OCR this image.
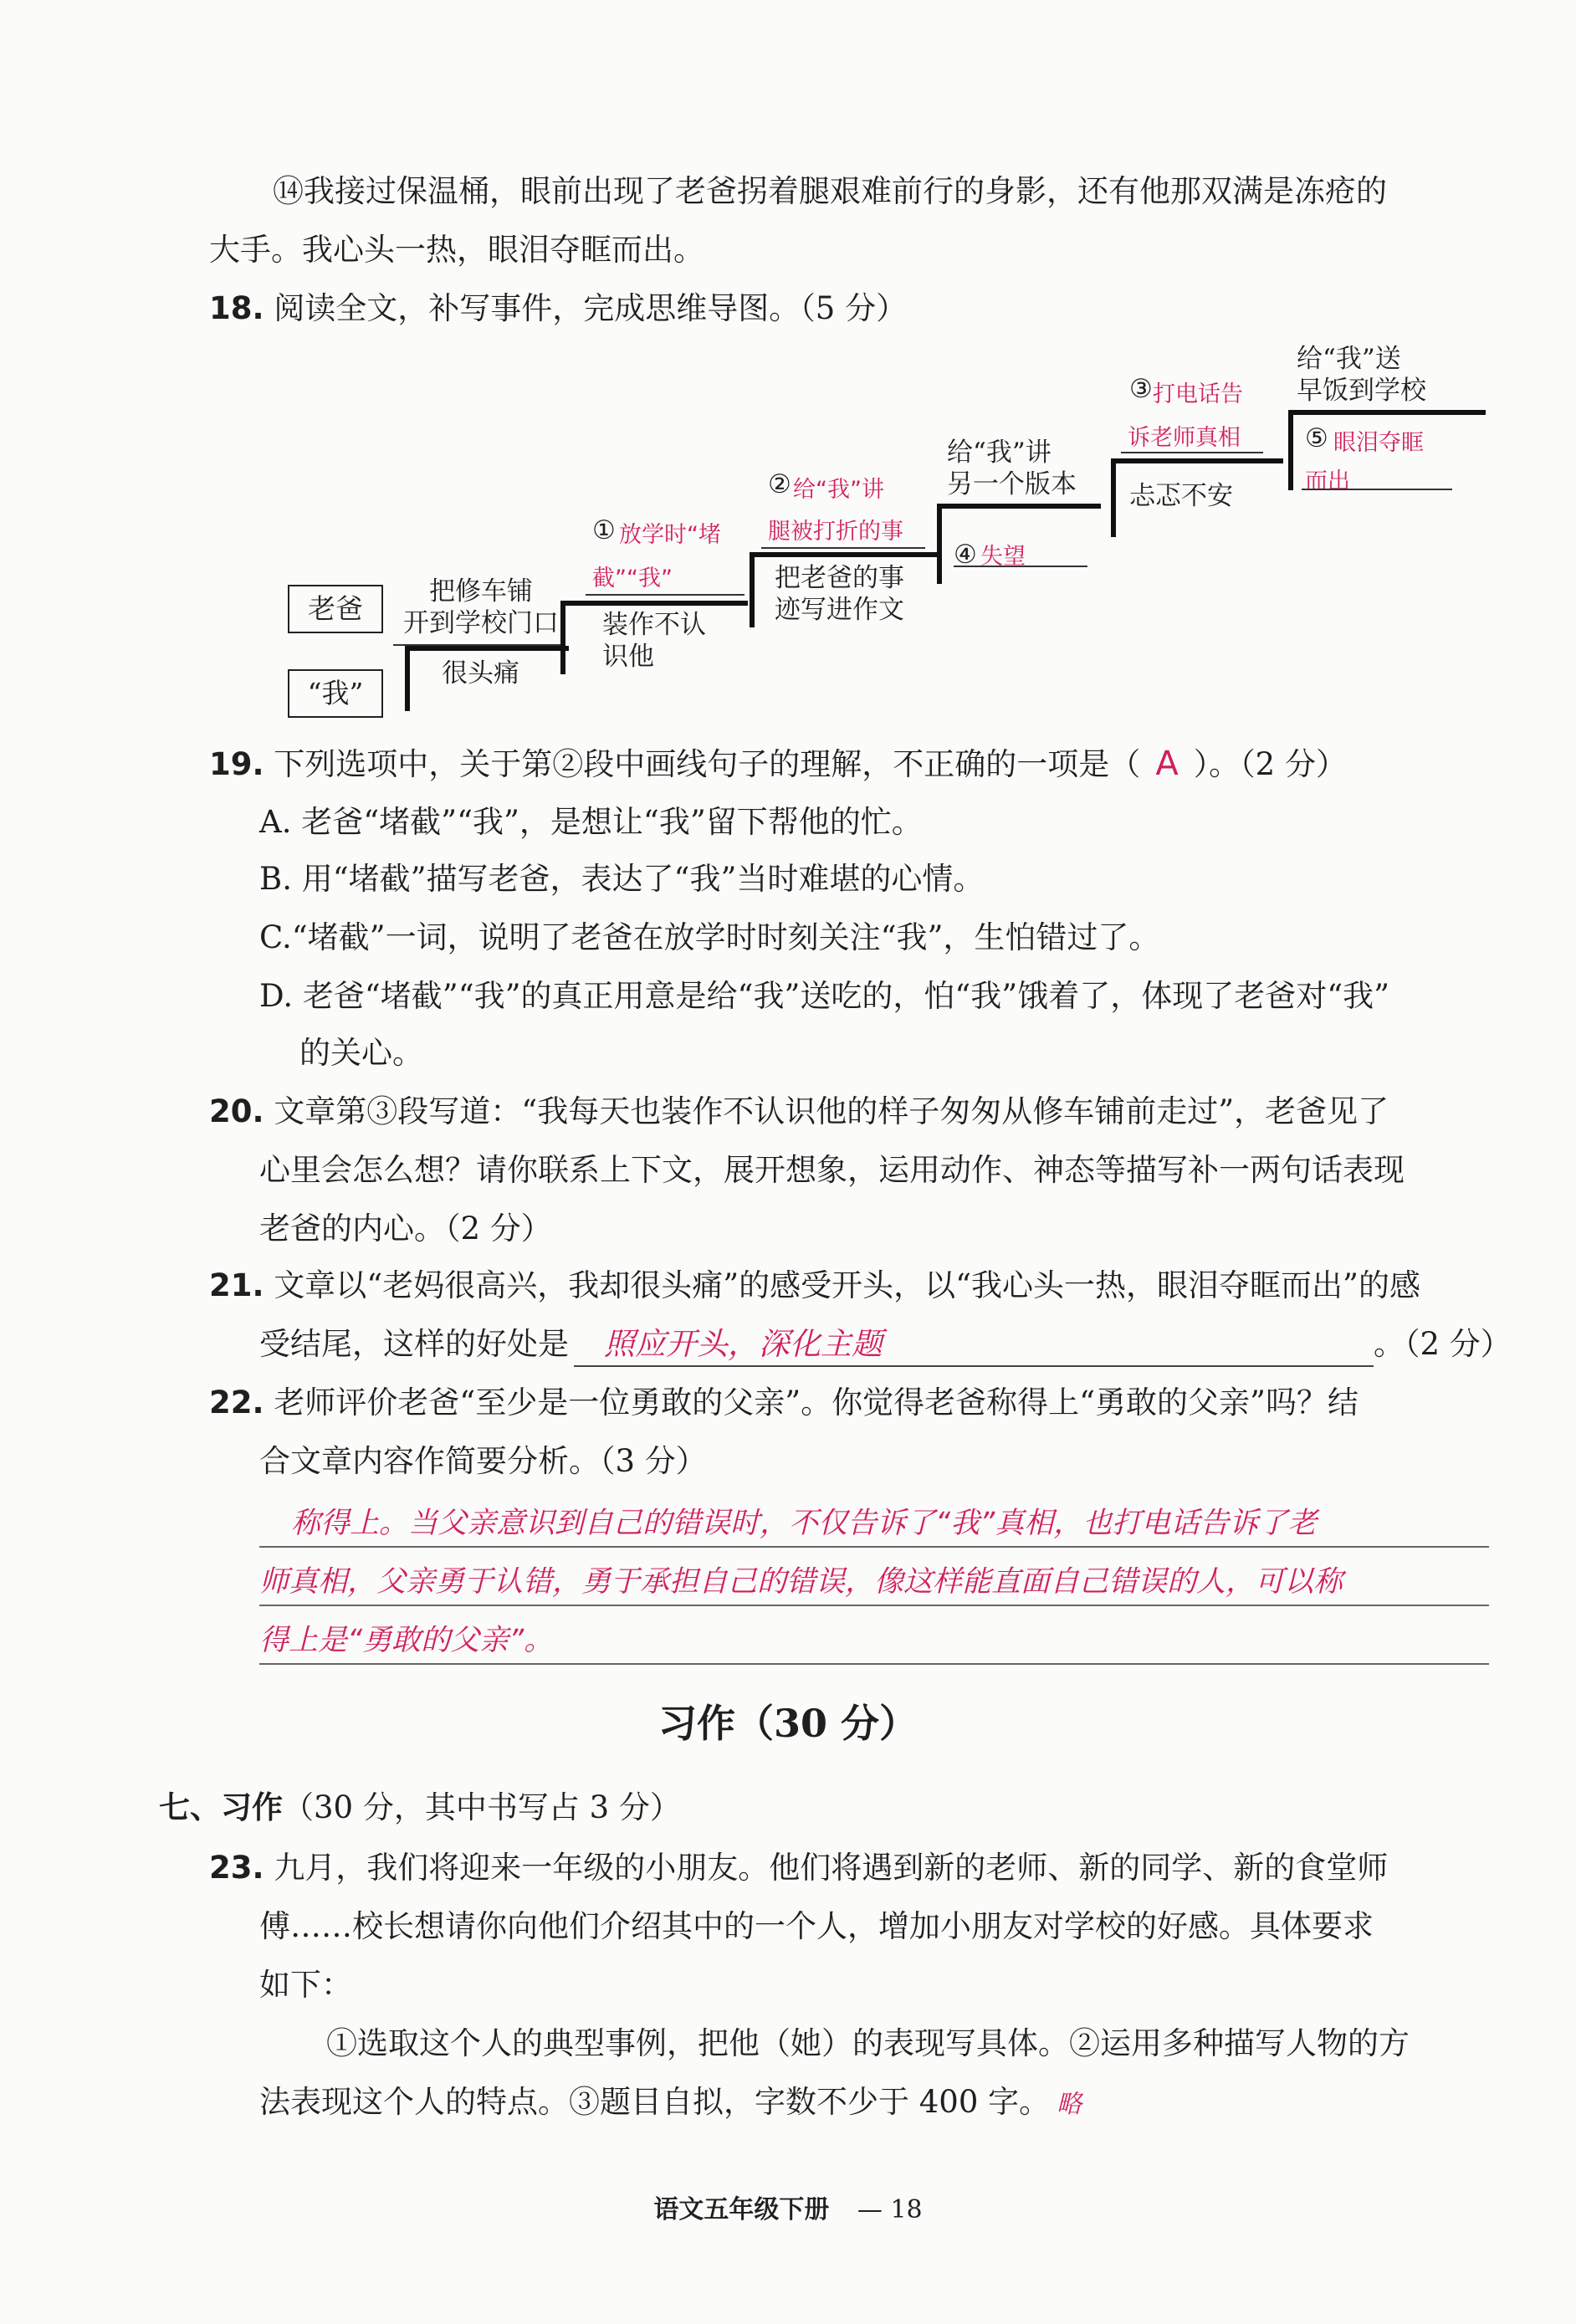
⑭我接过保温桶，眼前出现了老爸拐着腿艰难前行的身影，还有他那双满是冻疮的
大手。我心头一热，眼泪夺眶而出。
18. 阅读全文，补写事件，完成思维导图。（5 分）
老爸
“我”
把修车铺
开到学校门口
很头痛
① 放学时“堵
截”“我”
装作不认
识他
② 给“我”讲
腿被打折的事
把老爸的事
迹写进作文
给“我”讲
另一个版本
④ 失望
③ 打电话告
诉老师真相
忐忑不安
给“我”送
早饭到学校
⑤ 眼泪夺眶
而出
19. 下列选项中，关于第②段中画线句子的理解，不正确的一项是（ A ）。（2 分）
A. 老爸“堵截”“我”，是想让“我”留下帮他的忙。
B. 用“堵截”描写老爸，表达了“我”当时难堪的心情。
C.“堵截”一词，说明了老爸在放学时时刻关注“我”，生怕错过了。
D. 老爸“堵截”“我”的真正用意是给“我”送吃的，怕“我”饿着了，体现了老爸对“我”
的关心。
20. 文章第③段写道：“我每天也装作不认识他的样子匆匆从修车铺前走过”，老爸见了
心里会怎么想？请你联系上下文，展开想象，运用动作、神态等描写补一两句话表现
老爸的内心。（2 分）
21. 文章以“老妈很高兴，我却很头痛”的感受开头，以“我心头一热，眼泪夺眶而出”的感
受结尾，这样的好处是 照应开头，深化主题	。（2 分）
22. 老师评价老爸“至少是一位勇敢的父亲”。你觉得老爸称得上“勇敢的父亲”吗？结
合文章内容作简要分析。（3 分）
称得上。当父亲意识到自己的错误时，不仅告诉了“我”真相，也打电话告诉了老
师真相，父亲勇于认错，勇于承担自己的错误，像这样能直面自己错误的人，可以称
得上是“勇敢的父亲”。
习作（30 分）
七、习作（30 分，其中书写占 3 分）
23. 九月，我们将迎来一年级的小朋友。他们将遇到新的老师、新的同学、新的食堂师
傅……校长想请你向他们介绍其中的一个人，增加小朋友对学校的好感。具体要求
如下：
①选取这个人的典型事例，把他（她）的表现写具体。②运用多种描写人物的方
法表现这个人的特点。③题目自拟，字数不少于 400 字。 略
语文五年级下册 — 18
